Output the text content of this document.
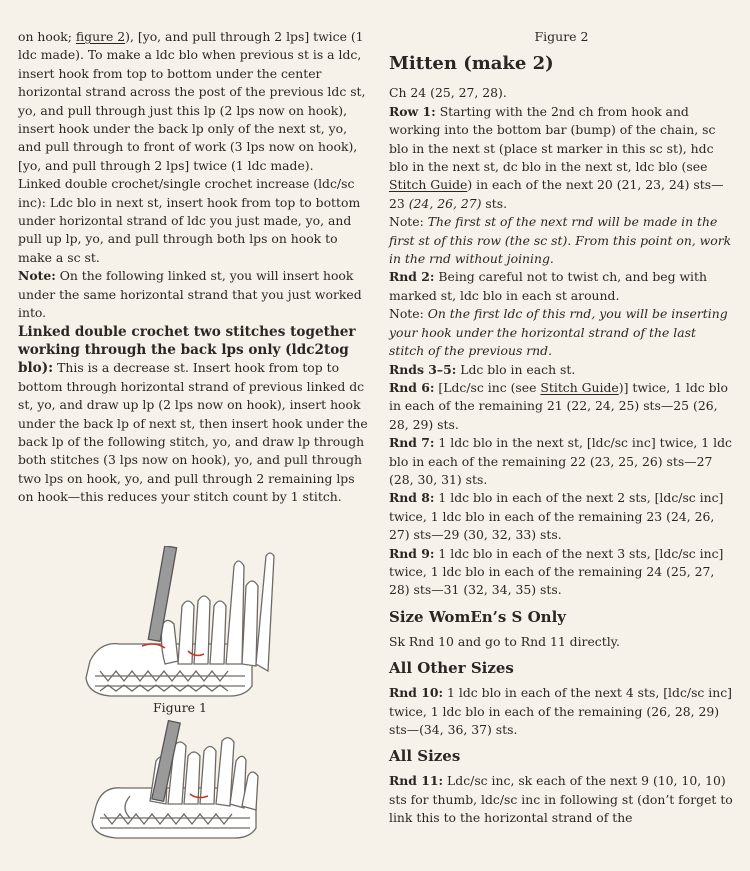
on hook; figure 2), [yo, and pull through 2 lps] twice (1 ldc made). To make a ldc blo when previous st is a ldc, insert hook from top to bottom under the center horizontal strand across the post of the previous ldc st, yo, and pull through just this lp (2 lps now on hook), insert hook under the back lp only of the next st, yo, and pull through to front of work (3 lps now on hook), [yo, and pull through 2 lps] twice (1 ldc made).

Linked double crochet/single crochet increase (ldc/sc inc): Ldc blo in next st, insert hook from top to bottom under horizontal strand of ldc you just made, yo, and pull up lp, yo, and pull through both lps on hook to make a sc st.

Note: On the following linked st, you will insert hook under the same horizontal strand that you just worked into.

Linked double crochet two stitches together working through the back lps only (ldc2tog blo): This is a decrease st. Insert hook from top to bottom through horizontal strand of previous linked dc st, yo, and draw up lp (2 lps now on hook), insert hook under the back lp of next st, then insert hook under the back lp of the following stitch, yo, and draw lp through both stitches (3 lps now on hook), yo, and pull through two lps on hook, yo, and pull through 2 remaining lps on hook—this reduces your stitch count by 1 stitch.

Figure 1

Figure 2

Mitten (make 2)

Ch 24 (25, 27, 28).

Row 1: Starting with the 2nd ch from hook and working into the bottom bar (bump) of the chain, sc blo in the next st (place st marker in this sc st), hdc blo in the next st, dc blo in the next st, ldc blo (see Stitch Guide) in each of the next 20 (21, 23, 24) sts—23 (24, 26, 27) sts.

Note: The first st of the next rnd will be made in the first st of this row (the sc st). From this point on, work in the rnd without joining.

Rnd 2: Being careful not to twist ch, and beg with marked st, ldc blo in each st around.

Note: On the first ldc of this rnd, you will be inserting your hook under the horizontal strand of the last stitch of the previous rnd.

Rnds 3–5: Ldc blo in each st.

Rnd 6: [Ldc/sc inc (see Stitch Guide)] twice, 1 ldc blo in each of the remaining 21 (22, 24, 25) sts—25 (26, 28, 29) sts.

Rnd 7: 1 ldc blo in the next st, [ldc/sc inc] twice, 1 ldc blo in each of the remaining 22 (23, 25, 26) sts—27 (28, 30, 31) sts.

Rnd 8: 1 ldc blo in each of the next 2 sts, [ldc/sc inc] twice, 1 ldc blo in each of the remaining 23 (24, 26, 27) sts—29 (30, 32, 33) sts.

Rnd 9: 1 ldc blo in each of the next 3 sts, [ldc/sc inc] twice, 1 ldc blo in each of the remaining 24 (25, 27, 28) sts—31 (32, 34, 35) sts.

Size WomEn’s S Only

Sk Rnd 10 and go to Rnd 11 directly.

All Other Sizes

Rnd 10: 1 ldc blo in each of the next 4 sts, [ldc/sc inc] twice, 1 ldc blo in each of the remaining (26, 28, 29) sts—(34, 36, 37) sts.

All Sizes

Rnd 11: Ldc/sc inc, sk each of the next 9 (10, 10, 10) sts for thumb, ldc/sc inc in following st (don’t forget to link this to the horizontal strand of the
